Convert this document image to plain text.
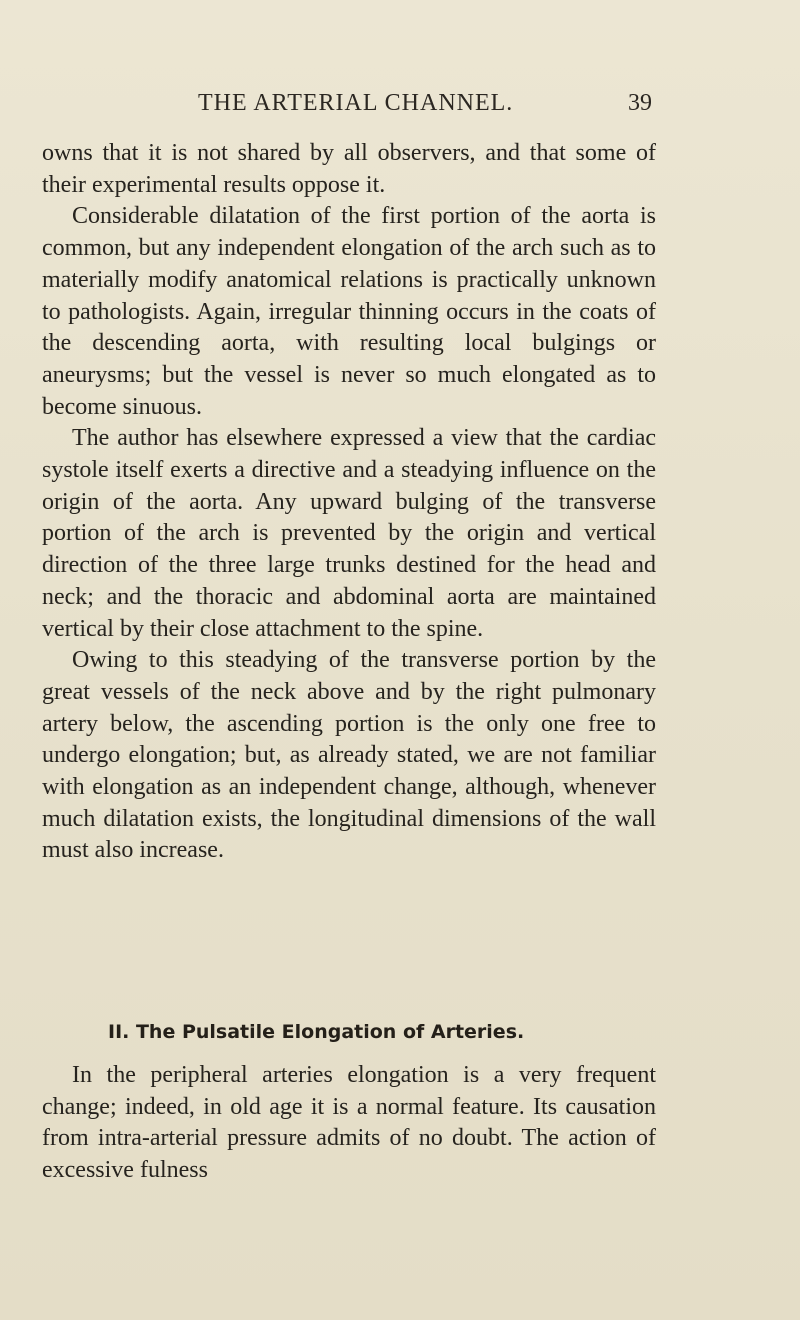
THE ARTERIAL CHANNEL.	39

owns that it is not shared by all observers, and that some of their experimental results oppose it.

Considerable dilatation of the first portion of the aorta is common, but any independent elongation of the arch such as to materially modify anatomical relations is practically unknown to pathologists. Again, irregular thinning occurs in the coats of the descending aorta, with resulting local bulgings or aneurysms; but the vessel is never so much elongated as to become sinuous.

The author has elsewhere expressed a view that the cardiac systole itself exerts a directive and a steadying influence on the origin of the aorta. Any upward bulging of the transverse portion of the arch is prevented by the origin and vertical direction of the three large trunks destined for the head and neck; and the thoracic and abdominal aorta are maintained vertical by their close attachment to the spine.

Owing to this steadying of the transverse portion by the great vessels of the neck above and by the right pulmonary artery below, the ascending portion is the only one free to undergo elongation; but, as already stated, we are not familiar with elongation as an independent change, although, whenever much dilatation exists, the longitudinal dimensions of the wall must also increase.

II. The Pulsatile Elongation of Arteries.

In the peripheral arteries elongation is a very frequent change; indeed, in old age it is a normal feature. Its causation from intra-arterial pressure admits of no doubt. The action of excessive fulness
